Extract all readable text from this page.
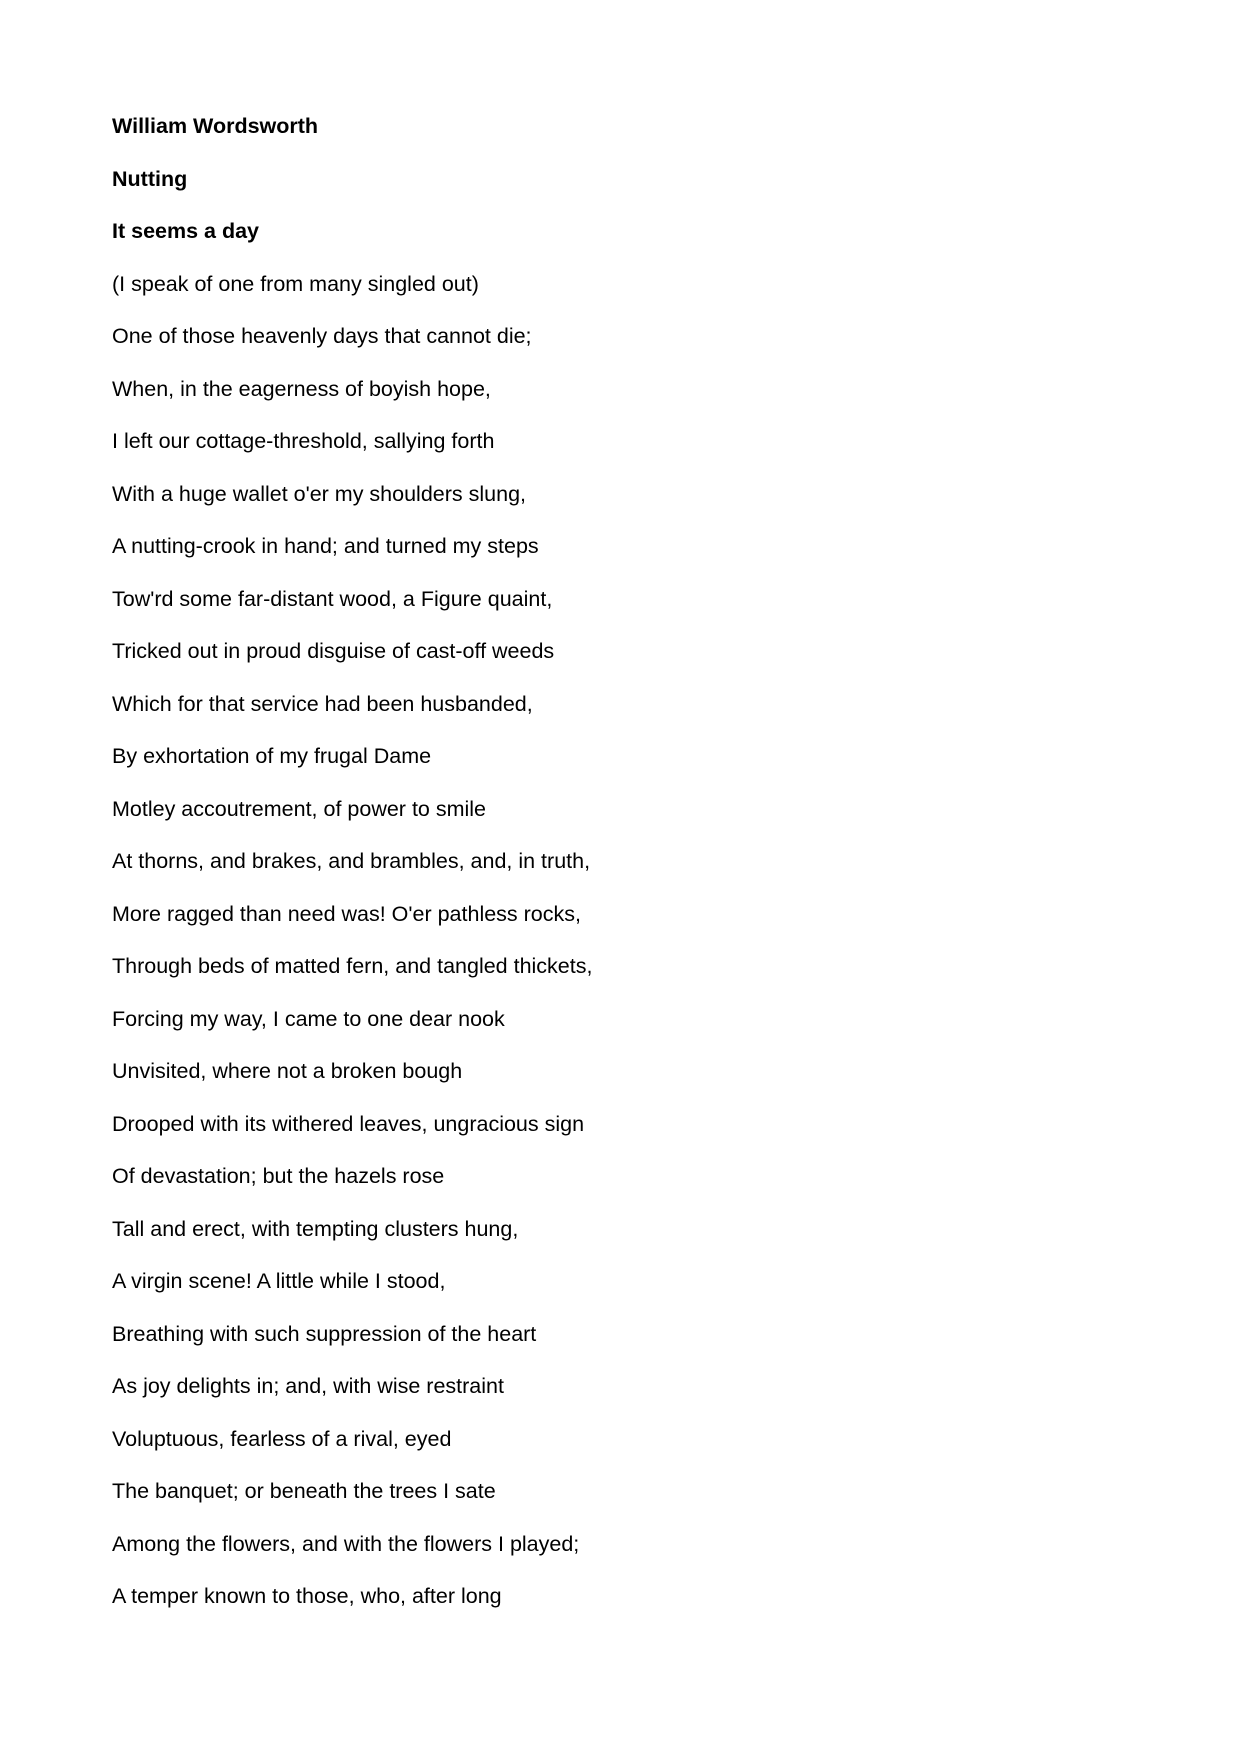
William Wordsworth
Nutting
It seems a day
(I speak of one from many singled out)
One of those heavenly days that cannot die;
When, in the eagerness of boyish hope,
I left our cottage-threshold, sallying forth
With a huge wallet o'er my shoulders slung,
A nutting-crook in hand; and turned my steps
Tow'rd some far-distant wood, a Figure quaint,
Tricked out in proud disguise of cast-off weeds
Which for that service had been husbanded,
By exhortation of my frugal Dame
Motley accoutrement, of power to smile
At thorns, and brakes, and brambles, and, in truth,
More ragged than need was! O'er pathless rocks,
Through beds of matted fern, and tangled thickets,
Forcing my way, I came to one dear nook
Unvisited, where not a broken bough
Drooped with its withered leaves, ungracious sign
Of devastation; but the hazels rose
Tall and erect, with tempting clusters hung,
A virgin scene! A little while I stood,
Breathing with such suppression of the heart
As joy delights in; and, with wise restraint
Voluptuous, fearless of a rival, eyed
The banquet; or beneath the trees I sate
Among the flowers, and with the flowers I played;
A temper known to those, who, after long
